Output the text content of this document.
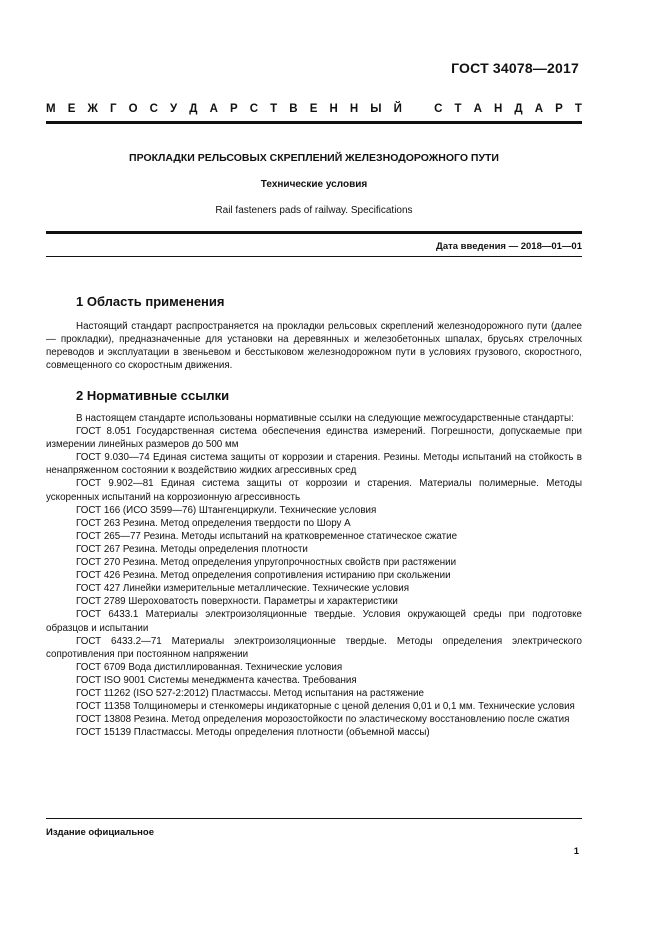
ГОСТ 34078—2017
М Е Ж Г О С У Д А Р С Т В Е Н Н Ы Й	С Т А Н Д А Р Т
ПРОКЛАДКИ РЕЛЬСОВЫХ СКРЕПЛЕНИЙ ЖЕЛЕЗНОДОРОЖНОГО ПУТИ
Технические условия
Rail fasteners pads of railway. Specifications
Дата введения — 2018—01—01
1 Область применения

Настоящий стандарт распространяется на прокладки рельсовых скреплений железнодорожного пути (далее — прокладки), предназначенные для установки на деревянных и железобетонных шпалах, брусьях стрелочных переводов и эксплуатации в звеньевом и бесстыковом железнодорожном пути в условиях грузового, скоростного, совмещенного со скоростным движения.

2 Нормативные ссылки

В настоящем стандарте использованы нормативные ссылки на следующие межгосударственные стандарты:

ГОСТ 8.051 Государственная система обеспечения единства измерений. Погрешности, допускаемые при измерении линейных размеров до 500 мм

ГОСТ 9.030—74 Единая система защиты от коррозии и старения. Резины. Методы испытаний на стойкость в ненапряженном состоянии к воздействию жидких агрессивных сред

ГОСТ 9.902—81 Единая система защиты от коррозии и старения. Материалы полимерные. Методы ускоренных испытаний на коррозионную агрессивность

ГОСТ 166 (ИСО 3599—76) Штангенциркули. Технические условия

ГОСТ 263 Резина. Метод определения твердости по Шору А

ГОСТ 265—77 Резина. Методы испытаний на кратковременное статическое сжатие

ГОСТ 267 Резина. Методы определения плотности

ГОСТ 270 Резина. Метод определения упругопрочностных свойств при растяжении

ГОСТ 426 Резина. Метод определения сопротивления истиранию при скольжении

ГОСТ 427 Линейки измерительные металлические. Технические условия

ГОСТ 2789 Шероховатость поверхности. Параметры и характеристики

ГОСТ 6433.1 Материалы электроизоляционные твердые. Условия окружающей среды при подготовке образцов и испытании

ГОСТ 6433.2—71 Материалы электроизоляционные твердые. Методы определения электрического сопротивления при постоянном напряжении

ГОСТ 6709 Вода дистиллированная. Технические условия

ГОСТ ISO 9001 Системы менеджмента качества. Требования

ГОСТ 11262 (ISO 527-2:2012) Пластмассы. Метод испытания на растяжение

ГОСТ 11358 Толщиномеры и стенкомеры индикаторные с ценой деления 0,01 и 0,1 мм. Технические условия

ГОСТ 13808 Резина. Метод определения морозостойкости по эластическому восстановлению после сжатия

ГОСТ 15139 Пластмассы. Методы определения плотности (объемной массы)

Издание официальное
1
